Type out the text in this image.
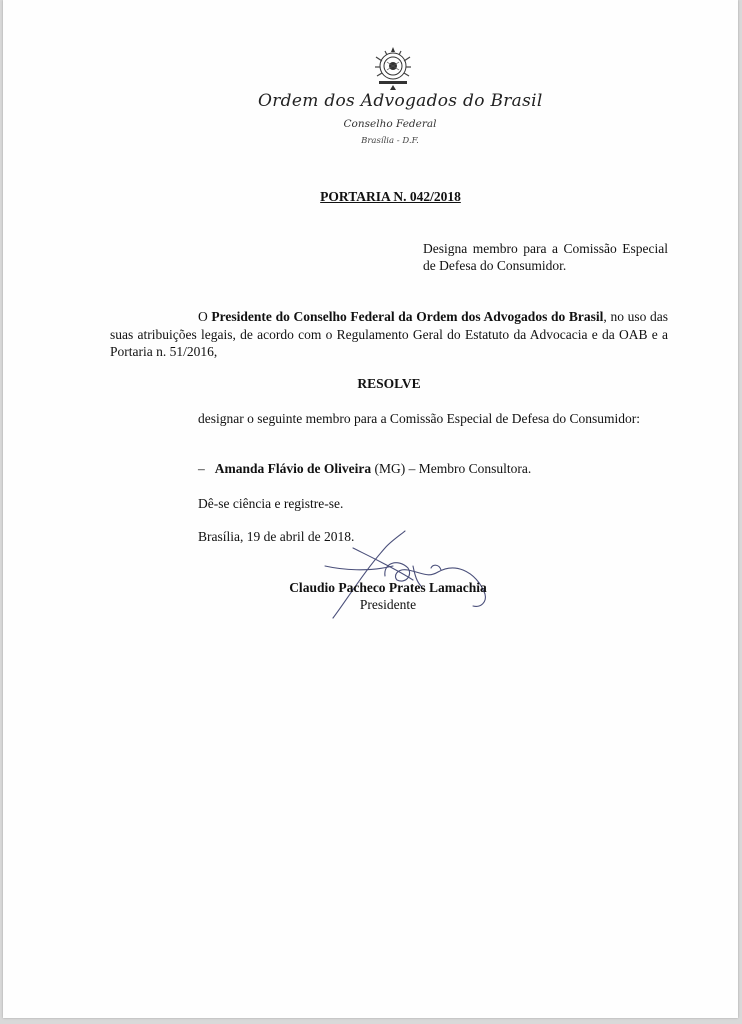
Ordem dos Advogados do Brasil
Conselho Federal
Brasília - D.F.
PORTARIA N. 042/2018
Designa membro para a Comissão Especial de Defesa do Consumidor.

O Presidente do Conselho Federal da Ordem dos Advogados do Brasil, no uso das suas atribuições legais, de acordo com o Regulamento Geral do Estatuto da Advocacia e da OAB e a Portaria n. 51/2016,

RESOLVE

designar o seguinte membro para a Comissão Especial de Defesa do Consumidor:

– Amanda Flávio de Oliveira (MG) – Membro Consultora.
Dê-se ciência e registre-se.
Brasília, 19 de abril de 2018.
Claudio Pacheco Prates Lamachia
Presidente
